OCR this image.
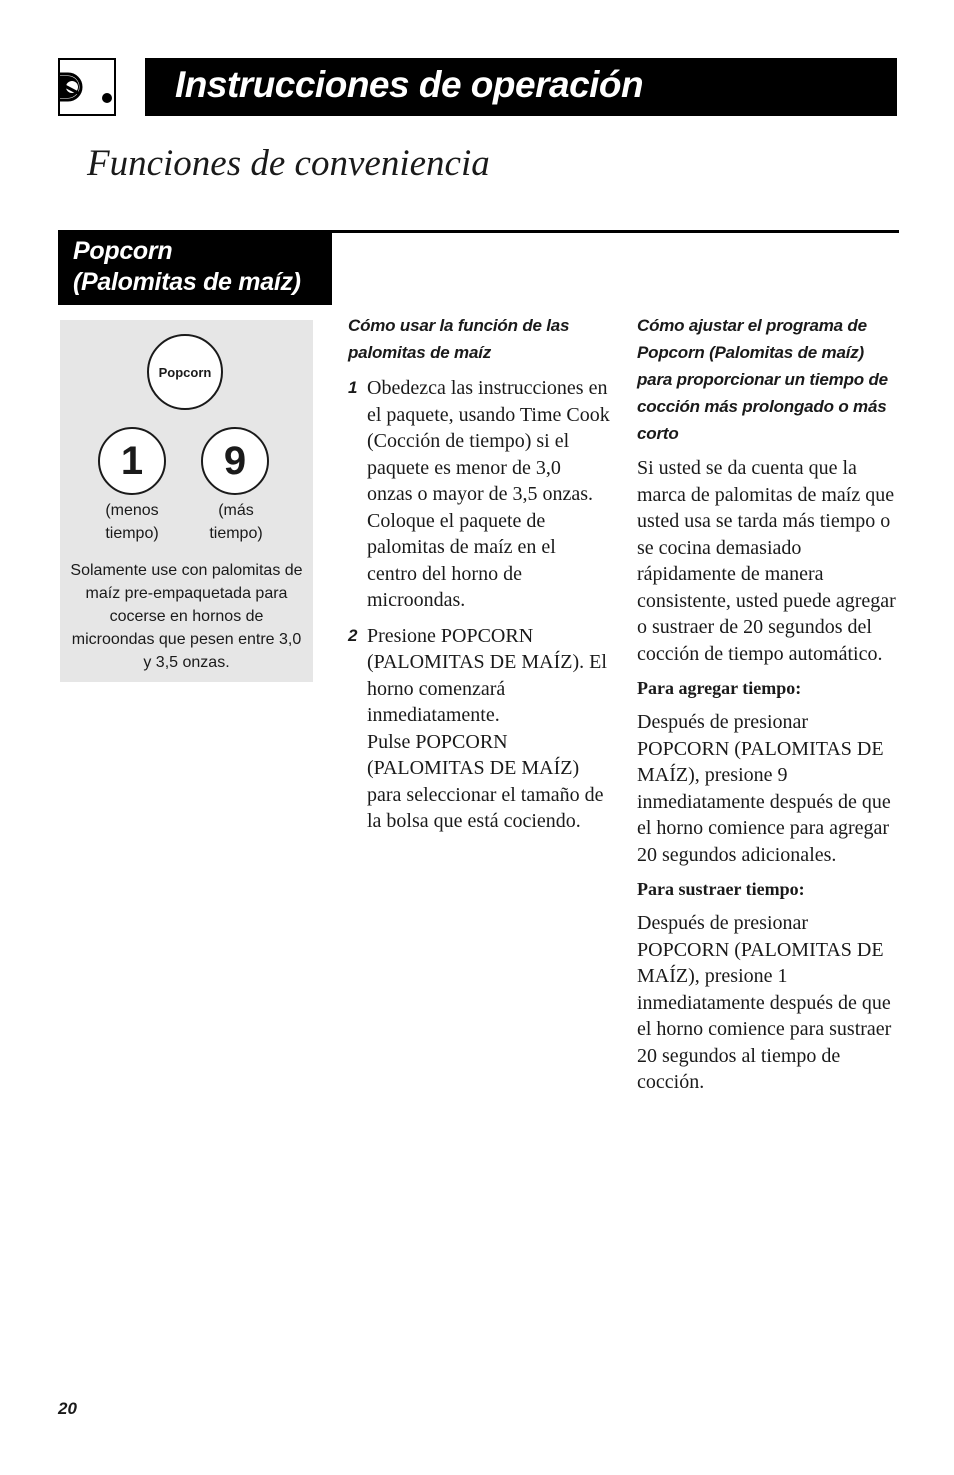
Instrucciones de operación
Funciones de conveniencia
Popcorn
(Palomitas de maíz)
Popcorn
1 9
(menos
tiempo)
(más
tiempo)
Solamente use con palomitas de maíz pre-empaquetada para cocerse en hornos de microondas que pesen entre 3,0 y 3,5 onzas.
Cómo usar la función de las palomitas de maíz
1 Obedezca las instrucciones en el paquete, usando Time Cook (Cocción de tiempo) si el paquete es menor de 3,0 onzas o mayor de 3,5 onzas. Coloque el paquete de palomitas de maíz en el centro del horno de microondas.
2 Presione POPCORN (PALOMITAS DE MAÍZ). El horno comenzará inmediatamente.
Pulse POPCORN (PALOMITAS DE MAÍZ) para seleccionar el tamaño de la bolsa que está cociendo.
Cómo ajustar el programa de Popcorn (Palomitas de maíz) para proporcionar un tiempo de cocción más prolongado o más corto
Si usted se da cuenta que la marca de palomitas de maíz que usted usa se tarda más tiempo o se cocina demasiado rápidamente de manera consistente, usted puede agregar o sustraer de 20 segundos del cocción de tiempo automático.
Para agregar tiempo:
Después de presionar POPCORN (PALOMITAS DE MAÍZ), presione 9 inmediatamente después de que el horno comience para agregar 20 segundos adicionales.
Para sustraer tiempo:
Después de presionar POPCORN (PALOMITAS DE MAÍZ), presione 1 inmediatamente después de que el horno comience para sustraer 20 segundos al tiempo de cocción.
20
